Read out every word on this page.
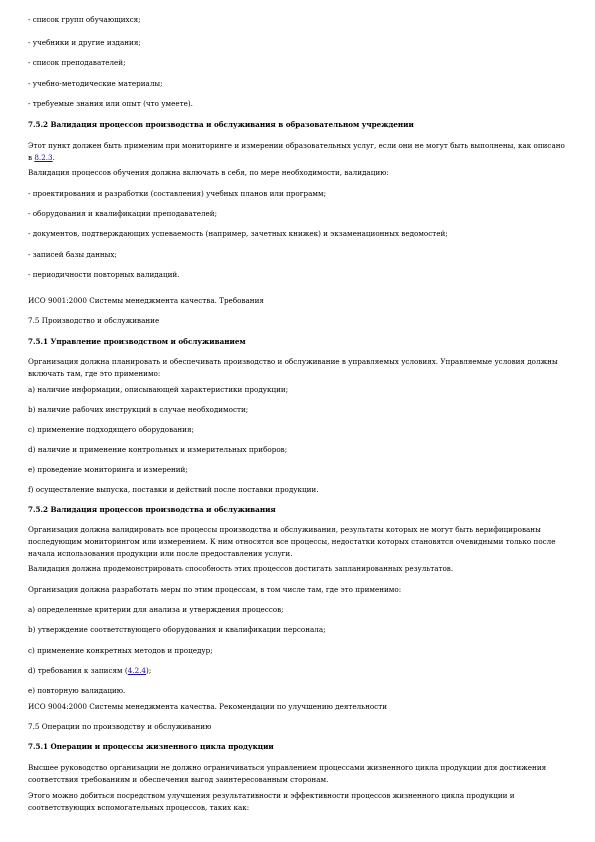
- список групп обучающихся;
- учебники и другие издания;
- список преподавателей;
- учебно-методические материалы;
- требуемые знания или опыт (что умеете).
7.5.2 Валидация процессов производства и обслуживания в образовательном учреждении
Этот пункт должен быть применим при мониторинге и измерении образовательных услуг, если они не могут быть выполнены, как описано в 8.2.3.
Валидация процессов обучения должна включать в себя, по мере необходимости, валидацию:
- проектирования и разработки (составления) учебных планов или программ;
- оборудования и квалификации преподавателей;
- документов, подтверждающих успеваемость (например, зачетных книжек) и экзаменационных ведомостей;
- записей базы данных;
- периодичности повторных валидаций.
ИСО 9001:2000 Системы менеджмента качества. Требования
7.5 Производство и обслуживание
7.5.1 Управление производством и обслуживанием
Организация должна планировать и обеспечивать производство и обслуживание в управляемых условиях. Управляемые условия должны включать там, где это применимо:
a) наличие информации, описывающей характеристики продукции;
b) наличие рабочих инструкций в случае необходимости;
c) применение подходящего оборудования;
d) наличие и применение контрольных и измерительных приборов;
e) проведение мониторинга и измерений;
f) осуществление выпуска, поставки и действий после поставки продукции.
7.5.2 Валидация процессов производства и обслуживания
Организация должна валидировать все процессы производства и обслуживания, результаты которых не могут быть верифицированы последующим мониторингом или измерением. К ним относятся все процессы, недостатки которых становятся очевидными только после начала использования продукции или после предоставления услуги.
Валидация должна продемонстрировать способность этих процессов достигать запланированных результатов.
Организация должна разработать меры по этим процессам, в том числе там, где это применимо:
a) определенные критерии для анализа и утверждения процессов;
b) утверждение соответствующего оборудования и квалификации персонала;
c) применение конкретных методов и процедур;
d) требования к записям (4.2.4);
e) повторную валидацию.
ИСО 9004:2000 Системы менеджмента качества. Рекомендации по улучшению деятельности
7.5 Операции по производству и обслуживанию
7.5.1 Операции и процессы жизненного цикла продукции
Высшее руководство организации не должно ограничиваться управлением процессами жизненного цикла продукции для достижения соответствия требованиям и обеспечения выгод заинтересованным сторонам.
Этого можно добиться посредством улучшения результативности и эффективности процессов жизненного цикла продукции и соответствующих вспомогательных процессов, таких как:
